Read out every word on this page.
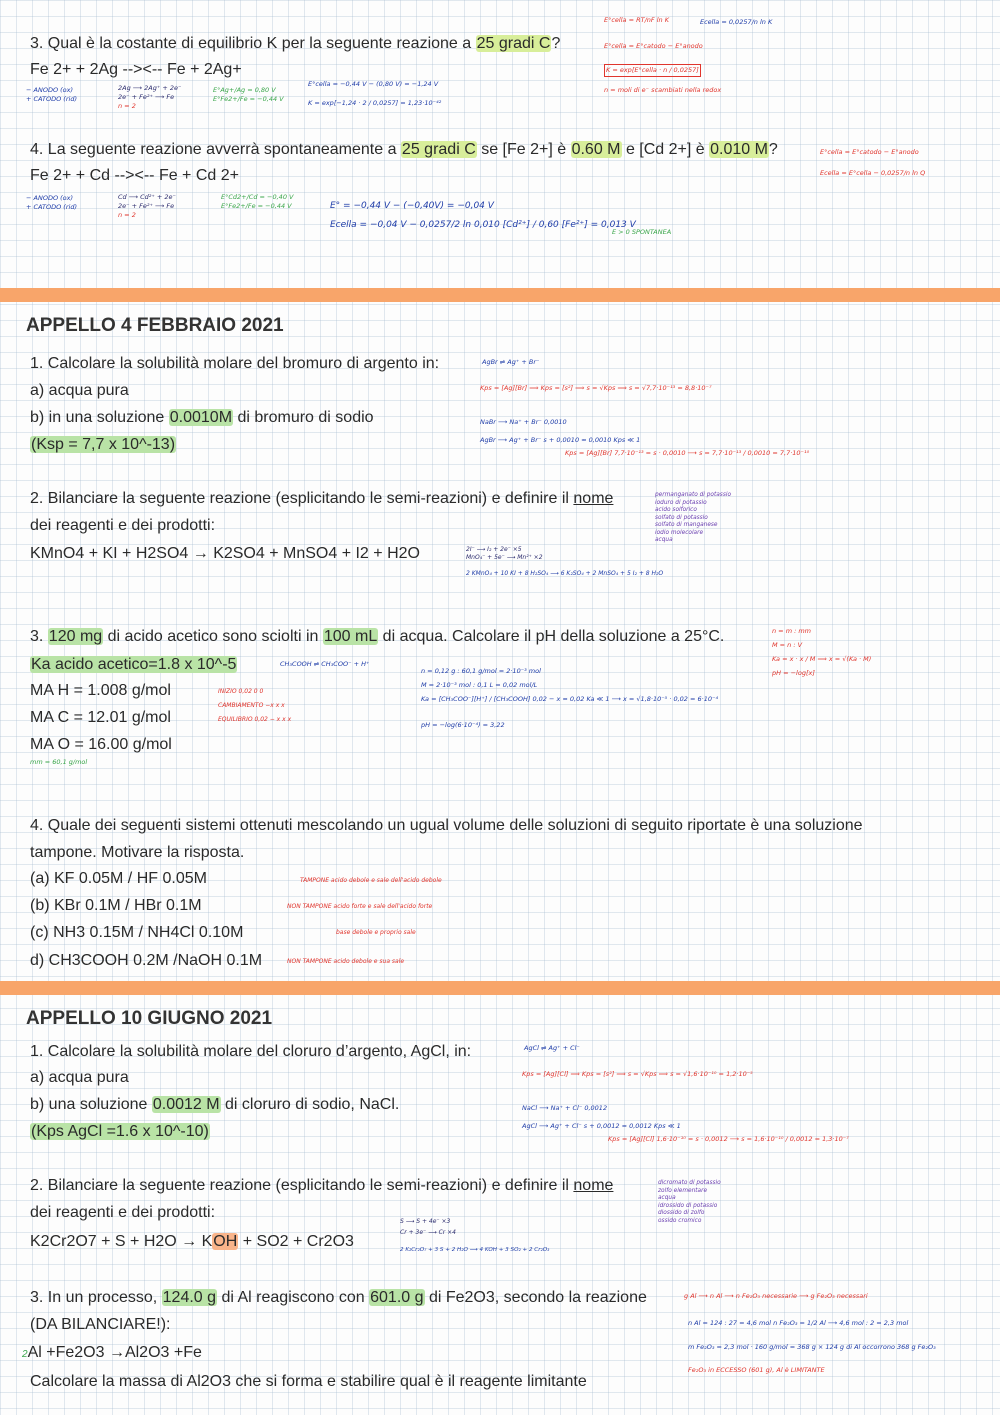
3. Qual è la costante di equilibrio K per la seguente reazione a 25 gradi C?
Fe 2+ + 2Ag --><-- Fe + 2Ag+
E°cella = RT/nF ln K	Ecella = 0,0257/n ln K
E°cella = E°catodo − E°anodo
K = exp[E°cella · n / 0,0257]
n = moli di e⁻ scambiati nella redox
− ANODO (ox)
+ CATODO (rid)
2Ag ⟶ 2Ag⁺ + 2e⁻
2e⁻ + Fe²⁺ ⟶ Fe
n = 2
E°Ag+/Ag = 0,80 V
E°Fe2+/Fe = −0,44 V
E°cella = −0,44 V − (0,80 V) = −1,24 V
K = exp[−1,24 · 2 / 0,0257] = 1,23·10⁻⁴²
4. La seguente reazione avverrà spontaneamente a 25 gradi C se [Fe 2+] è 0.60 M e [Cd 2+] è 0.010 M?
Fe 2+ + Cd --><-- Fe + Cd 2+
E°cella = E°catodo − E°anodo
Ecella = E°cella − 0,0257/n ln Q
− ANODO (ox)
+ CATODO (rid)
Cd ⟶ Cd²⁺ + 2e⁻
2e⁻ + Fe²⁺ ⟶ Fe
n = 2
E°Cd2+/Cd = −0,40 V
E°Fe2+/Fe = −0,44 V	E° = −0,44 V − (−0,40V) = −0,04 V
Ecella = −0,04 V − 0,0257/2 ln 0,010 [Cd²⁺] / 0,60 [Fe²⁺] = 0,013 V
E > 0 SPONTANEA
APPELLO 4 FEBBRAIO 2021
1. Calcolare la solubilità molare del bromuro di argento in:
a) acqua pura
b) in una soluzione 0.0010M di bromuro di sodio
(Ksp = 7,7 x 10^-13)
AgBr ⇌ Ag⁺ + Br⁻
Kps = [Ag][Br] ⟹ Kps = [s²] ⟹ s = √Kps ⟹ s = √7,7·10⁻¹³ = 8,8·10⁻⁷
NaBr ⟶ Na⁺ + Br⁻ 0,0010
AgBr ⟶ Ag⁺ + Br⁻ s + 0,0010 ≈ 0,0010 Kps ≪ 1
Kps = [Ag][Br] 7,7·10⁻¹³ = s · 0,0010 ⟶ s = 7,7·10⁻¹³ / 0,0010 = 7,7·10⁻¹⁰
2. Bilanciare la seguente reazione (esplicitando le semi-reazioni) e definire il nome
dei reagenti e dei prodotti:
KMnO4 + KI + H2SO4 → K2SO4 + MnSO4 + I2 + H2O
permanganato di potassio
ioduro di potassio
acido solforico
solfato di potassio
solfato di manganese
iodio molecolare
acqua
2I⁻ ⟶ I₂ + 2e⁻ ×5
MnO₄⁻ + 5e⁻ ⟶ Mn²⁺ ×2
2 KMnO₄ + 10 KI + 8 H₂SO₄ ⟶ 6 K₂SO₄ + 2 MnSO₄ + 5 I₂ + 8 H₂O
3. 120 mg di acido acetico sono sciolti in 100 mL di acqua. Calcolare il pH della soluzione a 25°C.
Ka acido acetico=1.8 x 10^-5
MA H = 1.008 g/mol
MA C = 12.01 g/mol
MA O = 16.00 g/mol
mm = 60,1 g/mol
n = m : mm
M = n : V
Ka = x · x / M ⟹ x = √(Ka · M)
pH = −log[x]
CH₃COOH ⇌ CH₃COO⁻ + H⁺
INIZIO 0,02 0 0
CAMBIAMENTO −x x x
EQUILIBRIO 0,02 − x x x
n = 0,12 g : 60,1 g/mol = 2·10⁻³ mol
M = 2·10⁻³ mol : 0,1 L = 0,02 mol/L
Ka = [CH₃COO⁻][H⁺] / [CH₃COOH] 0,02 − x ≈ 0,02 Ka ≪ 1 ⟶ x = √1,8·10⁻⁵ · 0,02 = 6·10⁻⁴
pH = −log(6·10⁻⁴) = 3,22
4. Quale dei seguenti sistemi ottenuti mescolando un ugual volume delle soluzioni di seguito riportate è una soluzione
tampone. Motivare la risposta.
(a) KF 0.05M / HF 0.05M
(b) KBr 0.1M / HBr 0.1M
(c) NH3 0.15M / NH4Cl 0.10M
d) CH3COOH 0.2M /NaOH 0.1M
TAMPONE acido debole e sale dell'acido debole
NON TAMPONE acido forte e sale dell'acido forte
base debole e proprio sale
NON TAMPONE acido debole e sua sale
APPELLO 10 GIUGNO 2021
1. Calcolare la solubilità molare del cloruro d’argento, AgCl, in:
a) acqua pura
b) una soluzione 0.0012 M di cloruro di sodio, NaCl.
(Kps AgCl =1.6 x 10^-10)
AgCl ⇌ Ag⁺ + Cl⁻
Kps = [Ag][Cl] ⟹ Kps = [s²] ⟹ s = √Kps ⟹ s = √1,6·10⁻¹⁰ = 1,2·10⁻⁵
NaCl ⟶ Na⁺ + Cl⁻ 0,0012
AgCl ⟶ Ag⁺ + Cl⁻ s + 0,0012 ≈ 0,0012 Kps ≪ 1
Kps = [Ag][Cl] 1,6·10⁻¹⁰ = s · 0,0012 ⟶ s = 1,6·10⁻¹⁰ / 0,0012 = 1,3·10⁻⁷
2. Bilanciare la seguente reazione (esplicitando le semi-reazioni) e definire il nome
dei reagenti e dei prodotti:
K2Cr2O7 + S + H2O → KOH + SO2 + Cr2O3
dicromato di potassio
zolfo elementare
acqua
idrossido di potassio
diossido di zolfo
ossido cromico
S ⟶ S + 4e⁻ ×3
Cr + 3e⁻ ⟶ Cr ×4
2 K₂Cr₂O₇ + 3 S + 2 H₂O ⟶ 4 KOH + 3 SO₂ + 2 Cr₂O₃
3. In un processo, 124.0 g di Al reagiscono con 601.0 g di Fe2O3, secondo la reazione
(DA BILANCIARE!):
2Al +Fe2O3 →Al2O3 +Fe
Calcolare la massa di Al2O3 che si forma e stabilire qual è il reagente limitante
g Al ⟶ n Al ⟶ n Fe₂O₃ necessarie ⟶ g Fe₂O₃ necessari
n Al = 124 : 27 = 4,6 mol n Fe₂O₃ = 1/2 Al ⟶ 4,6 mol : 2 = 2,3 mol
m Fe₂O₃ = 2,3 mol · 160 g/mol = 368 g × 124 g di Al occorrono 368 g Fe₂O₃
Fe₂O₃ in ECCESSO (601 g), Al è LIMITANTE
